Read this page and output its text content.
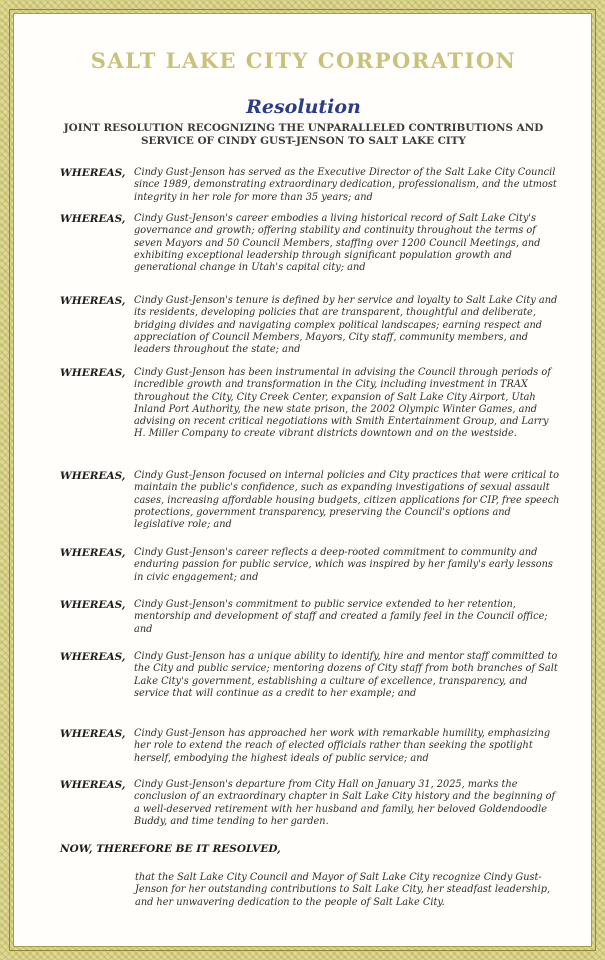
SALT LAKE CITY CORPORATION
Resolution
JOINT RESOLUTION RECOGNIZING THE UNPARALLELED CONTRIBUTIONS AND SERVICE OF CINDY GUST-JENSON TO SALT LAKE CITY
WHEREAS, Cindy Gust-Jenson has served as the Executive Director of the Salt Lake City Council since 1989, demonstrating extraordinary dedication, professionalism, and the utmost integrity in her role for more than 35 years; and
WHEREAS, Cindy Gust-Jenson's career embodies a living historical record of Salt Lake City's governance and growth; offering stability and continuity throughout the terms of seven Mayors and 50 Council Members, staffing over 1200 Council Meetings, and exhibiting exceptional leadership through significant population growth and generational change in Utah's capital city; and
WHEREAS, Cindy Gust-Jenson's tenure is defined by her service and loyalty to Salt Lake City and its residents, developing policies that are transparent, thoughtful and deliberate, bridging divides and navigating complex political landscapes; earning respect and appreciation of Council Members, Mayors, City staff, community members, and leaders throughout the state; and
WHEREAS, Cindy Gust-Jenson has been instrumental in advising the Council through periods of incredible growth and transformation in the City, including investment in TRAX throughout the City, City Creek Center, expansion of Salt Lake City Airport, Utah Inland Port Authority, the new state prison, the 2002 Olympic Winter Games, and advising on recent critical negotiations with Smith Entertainment Group, and Larry H. Miller Company to create vibrant districts downtown and on the westside.
WHEREAS, Cindy Gust-Jenson focused on internal policies and City practices that were critical to maintain the public's confidence, such as expanding investigations of sexual assault cases, increasing affordable housing budgets, citizen applications for CIP, free speech protections, government transparency, preserving the Council's options and legislative role; and
WHEREAS, Cindy Gust-Jenson's career reflects a deep-rooted commitment to community and enduring passion for public service, which was inspired by her family's early lessons in civic engagement; and
WHEREAS, Cindy Gust-Jenson's commitment to public service extended to her retention, mentorship and development of staff and created a family feel in the Council office; and
WHEREAS, Cindy Gust-Jenson has a unique ability to identify, hire and mentor staff committed to the City and public service; mentoring dozens of City staff from both branches of Salt Lake City's government, establishing a culture of excellence, transparency, and service that will continue as a credit to her example; and
WHEREAS, Cindy Gust-Jenson has approached her work with remarkable humility, emphasizing her role to extend the reach of elected officials rather than seeking the spotlight herself, embodying the highest ideals of public service; and
WHEREAS, Cindy Gust-Jenson's departure from City Hall on January 31, 2025, marks the conclusion of an extraordinary chapter in Salt Lake City history and the beginning of a well-deserved retirement with her husband and family, her beloved Goldendoodle Buddy, and time tending to her garden.
NOW, THEREFORE BE IT RESOLVED,
that the Salt Lake City Council and Mayor of Salt Lake City recognize Cindy Gust-Jenson for her outstanding contributions to Salt Lake City, her steadfast leadership, and her unwavering dedication to the people of Salt Lake City.
